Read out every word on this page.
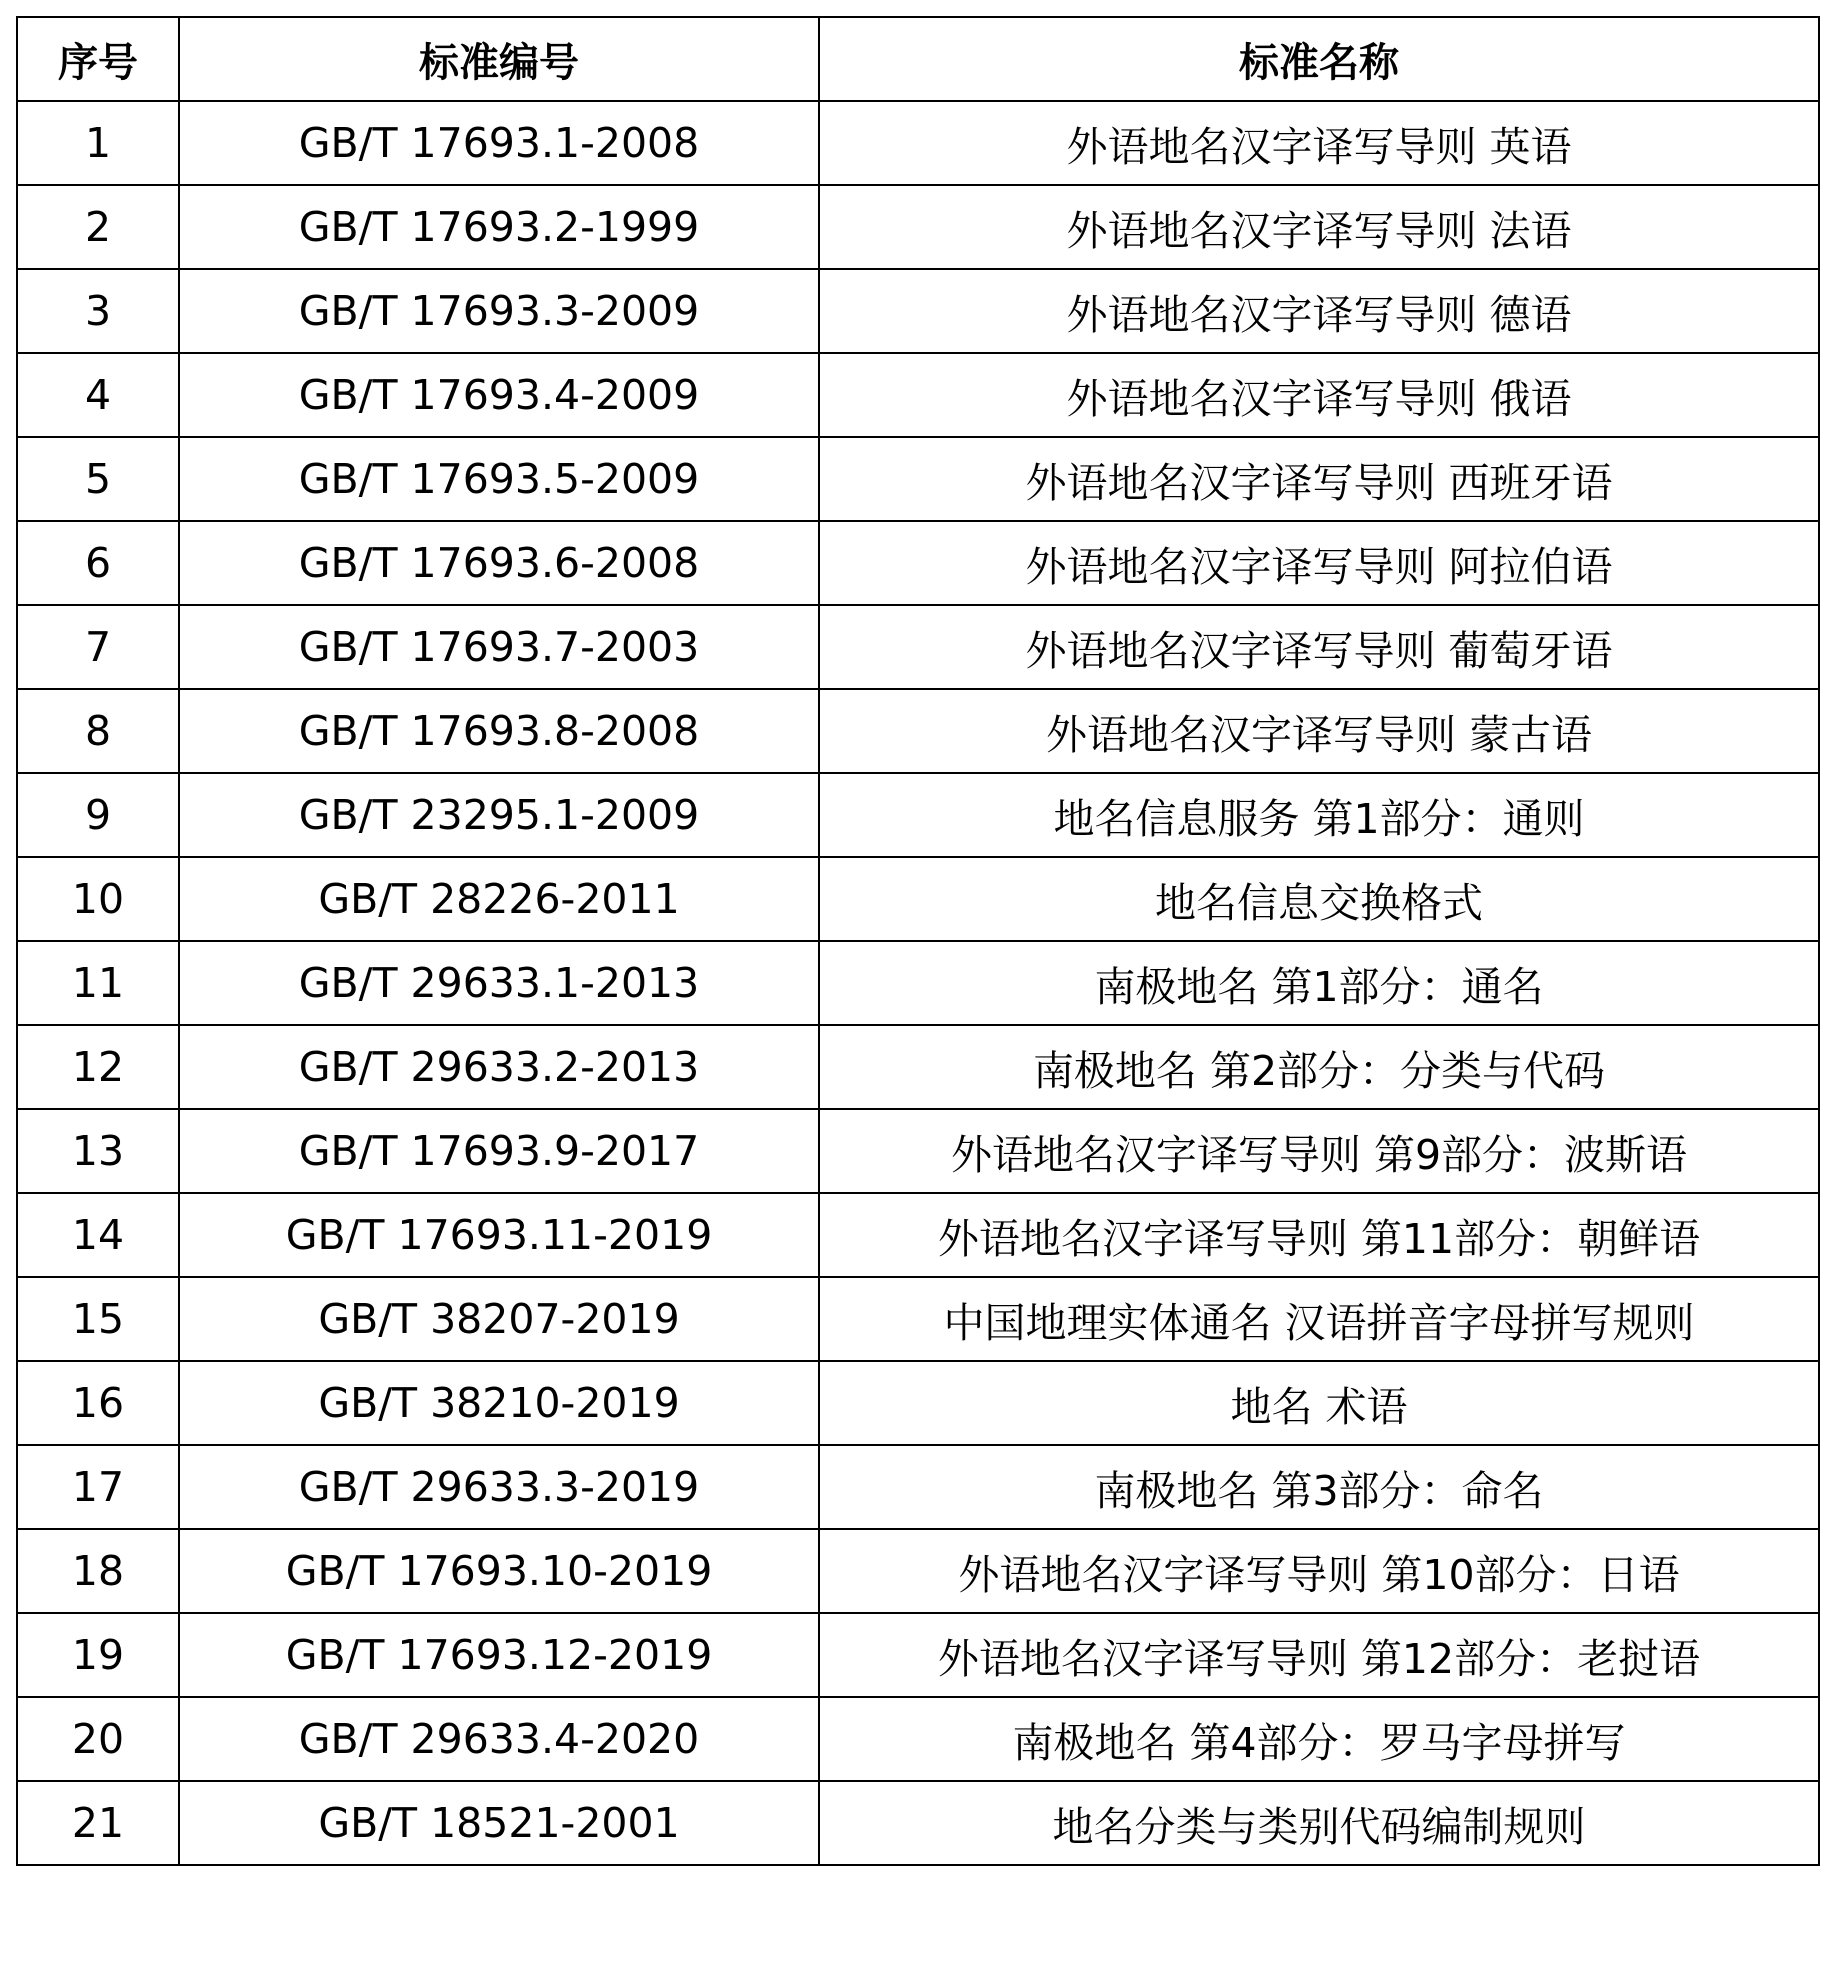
序号	标准编号	标准名称
1	GB/T 17693.1-2008	外语地名汉字译写导则 英语
2	GB/T 17693.2-1999	外语地名汉字译写导则 法语
3	GB/T 17693.3-2009	外语地名汉字译写导则 德语
4	GB/T 17693.4-2009	外语地名汉字译写导则 俄语
5	GB/T 17693.5-2009	外语地名汉字译写导则 西班牙语
6	GB/T 17693.6-2008	外语地名汉字译写导则 阿拉伯语
7	GB/T 17693.7-2003	外语地名汉字译写导则 葡萄牙语
8	GB/T 17693.8-2008	外语地名汉字译写导则 蒙古语
9	GB/T 23295.1-2009	地名信息服务 第1部分：通则
10	GB/T 28226-2011	地名信息交换格式
11	GB/T 29633.1-2013	南极地名 第1部分：通名
12	GB/T 29633.2-2013	南极地名 第2部分：分类与代码
13	GB/T 17693.9-2017	外语地名汉字译写导则 第9部分：波斯语
14	GB/T 17693.11-2019	外语地名汉字译写导则 第11部分：朝鲜语
15	GB/T 38207-2019	中国地理实体通名 汉语拼音字母拼写规则
16	GB/T 38210-2019	地名 术语
17	GB/T 29633.3-2019	南极地名 第3部分：命名
18	GB/T 17693.10-2019	外语地名汉字译写导则 第10部分：日语
19	GB/T 17693.12-2019	外语地名汉字译写导则 第12部分：老挝语
20	GB/T 29633.4-2020	南极地名 第4部分：罗马字母拼写
21	GB/T 18521-2001	地名分类与类别代码编制规则
